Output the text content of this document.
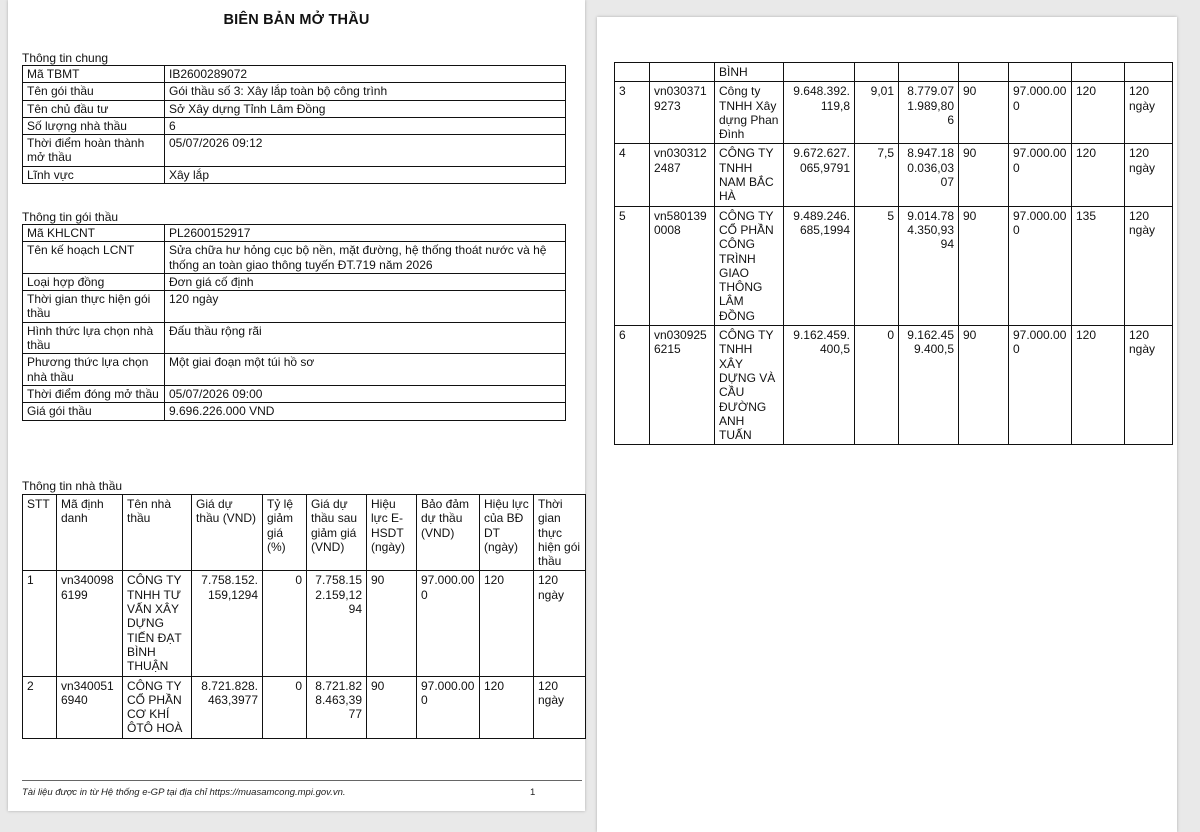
BIÊN BẢN MỞ THẦU
Thông tin chung
Mã TBMT	IB2600289072
Tên gói thầu	Gói thầu số 3: Xây lắp toàn bộ công trình
Tên chủ đầu tư	Sở Xây dựng Tỉnh Lâm Đồng
Số lượng nhà thầu	6
Thời điểm hoàn thành mở thầu	05/07/2026 09:12
Lĩnh vực	Xây lắp
Thông tin gói thầu
Mã KHLCNT	PL2600152917
Tên kế hoạch LCNT	Sửa chữa hư hỏng cục bộ nền, mặt đường, hệ thống thoát nước và hệ thống an toàn giao thông tuyến ĐT.719 năm 2026
Loại hợp đồng	Đơn giá cố định
Thời gian thực hiện gói thầu	120 ngày
Hình thức lựa chọn nhà thầu	Đấu thầu rộng rãi
Phương thức lựa chọn nhà thầu	Một giai đoạn một túi hồ sơ
Thời điểm đóng mở thầu	05/07/2026 09:00
Giá gói thầu	9.696.226.000 VND
Thông tin nhà thầu
STT	Mã định danh	Tên nhà thầu	Giá dự thầu (VND)	Tỷ lệ giảm giá (%)	Giá dự thầu sau giảm giá (VND)	Hiệu lực E-HSDT (ngày)	Bảo đảm dự thầu (VND)	Hiệu lực của BĐ DT (ngày)	Thời gian thực hiện gói thầu
1	vn3400986199	CÔNG TY TNHH TƯ VẤN XÂY DỰNG TIẾN ĐẠT BÌNH THUẬN	7.758.152.159,1294	0	7.758.152.159,1294	90	97.000.000	120	120 ngày
2	vn3400516940	CÔNG TY CỔ PHẦN CƠ KHÍ ÔTÔ HOÀ	8.721.828.463,3977	0	8.721.828.463,3977	90	97.000.000	120	120 ngày
Tài liệu được in từ Hệ thống e-GP tại địa chỉ https://muasamcong.mpi.gov.vn.	1
		BÌNH							
3	vn0303719273	Công ty TNHH Xây dựng Phan Đình	9.648.392.119,8	9,01	8.779.071.989,806	90	97.000.000	120	120 ngày
4	vn0303122487	CÔNG TY TNHH NAM BẮC HÀ	9.672.627.065,9791	7,5	8.947.180.036,0307	90	97.000.000	120	120 ngày
5	vn5801390008	CÔNG TY CỔ PHẦN CÔNG TRÌNH GIAO THÔNG LÂM ĐỒNG	9.489.246.685,1994	5	9.014.784.350,9394	90	97.000.000	135	120 ngày
6	vn0309256215	CÔNG TY TNHH XÂY DỰNG VÀ CẦU ĐƯỜNG ANH TUẤN	9.162.459.400,5	0	9.162.459.400,5	90	97.000.000	120	120 ngày
